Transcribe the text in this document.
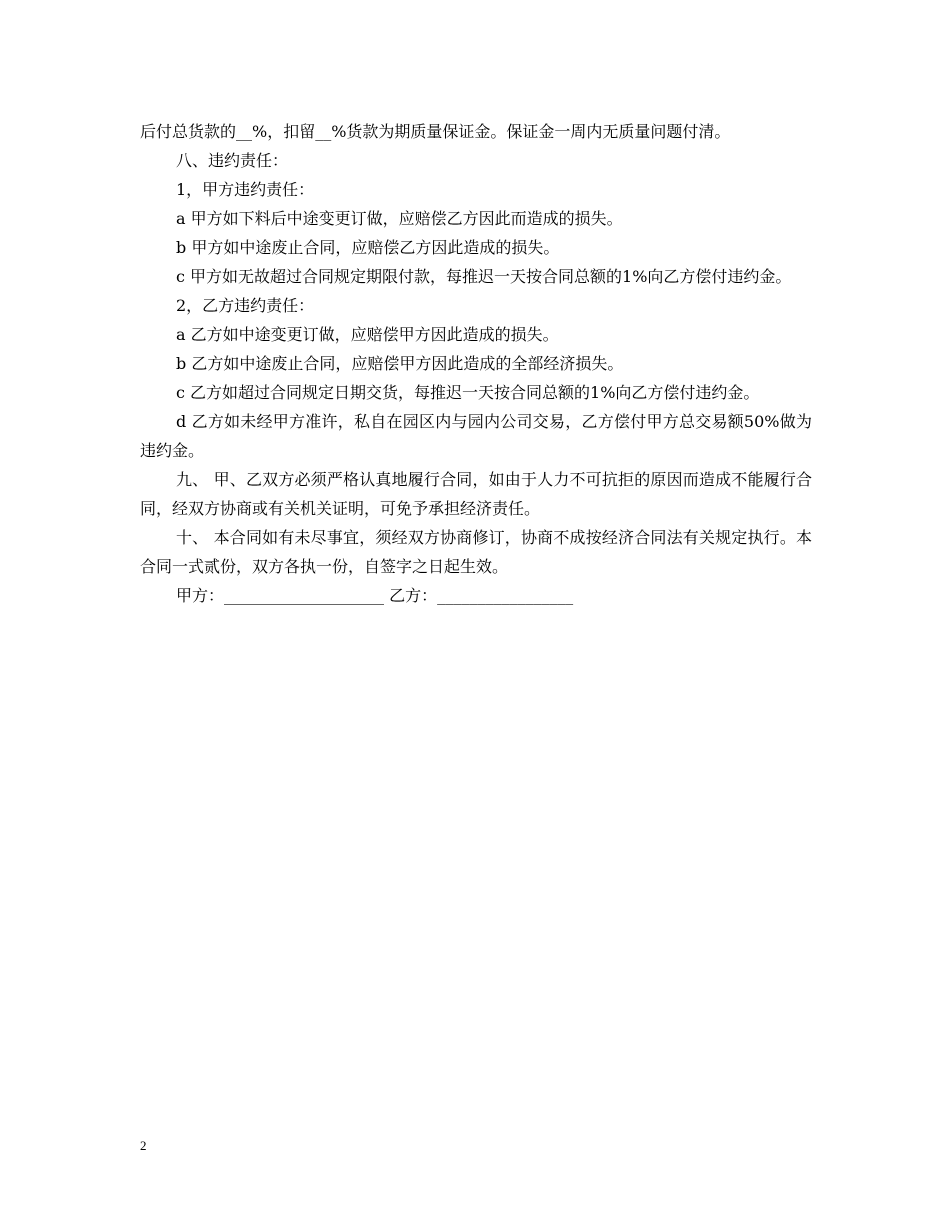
后付总货款的__%，扣留__%货款为期质量保证金。保证金一周内无质量问题付清。

八、违约责任：

1，甲方违约责任：

a 甲方如下料后中途变更订做，应赔偿乙方因此而造成的损失。

b 甲方如中途废止合同，应赔偿乙方因此造成的损失。

c 甲方如无故超过合同规定期限付款，每推迟一天按合同总额的1%向乙方偿付违约金。

2，乙方违约责任：

a 乙方如中途变更订做，应赔偿甲方因此造成的损失。

b 乙方如中途废止合同，应赔偿甲方因此造成的全部经济损失。

c 乙方如超过合同规定日期交货，每推迟一天按合同总额的1%向乙方偿付违约金。

d 乙方如未经甲方准许，私自在园区内与园内公司交易，乙方偿付甲方总交易额50%做为违约金。

九、 甲、乙双方必须严格认真地履行合同，如由于人力不可抗拒的原因而造成不能履行合同，经双方协商或有关机关证明，可免予承担经济责任。

十、 本合同如有未尽事宜，须经双方协商修订，协商不成按经济合同法有关规定执行。本合同一式贰份，双方各执一份，自签字之日起生效。

甲方：____________________ 乙方：_________________

2
